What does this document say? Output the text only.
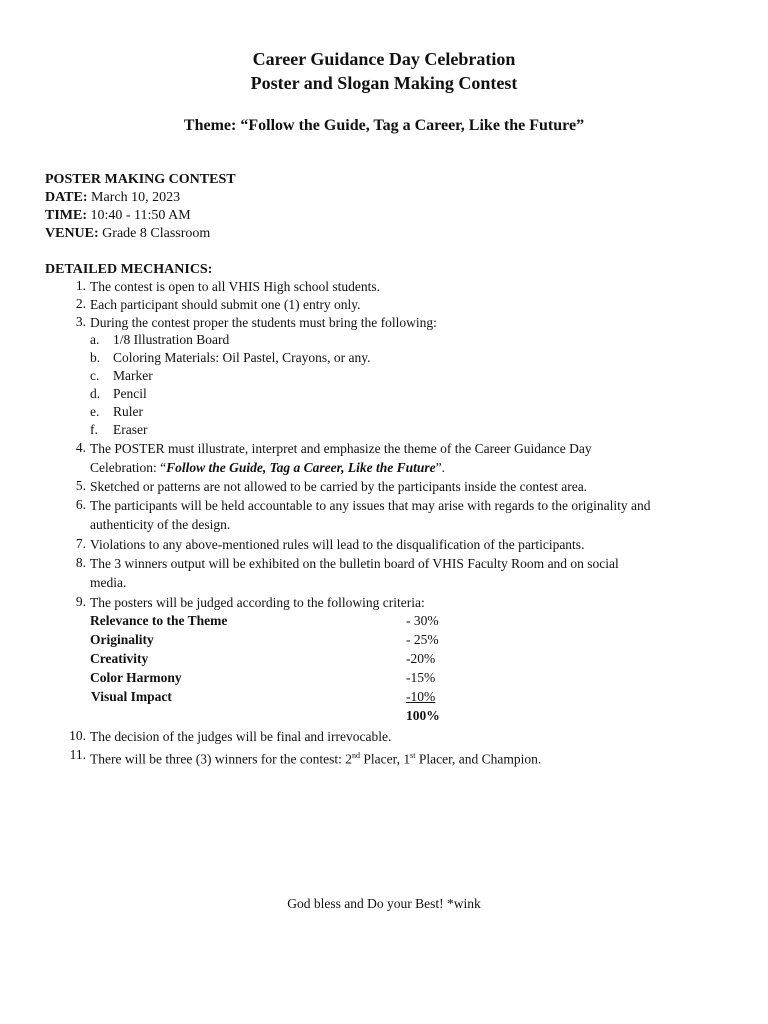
Career Guidance Day Celebration
Poster and Slogan Making Contest
Theme: “Follow the Guide, Tag a Career, Like the Future”
POSTER MAKING CONTEST
DATE: March 10, 2023
TIME: 10:40 - 11:50 AM
VENUE: Grade 8 Classroom
DETAILED MECHANICS:
1. The contest is open to all VHIS High school students.
2. Each participant should submit one (1) entry only.
3. During the contest proper the students must bring the following:
a. 1/8 Illustration Board
b. Coloring Materials: Oil Pastel, Crayons, or any.
c. Marker
d. Pencil
e. Ruler
f. Eraser
4. The POSTER must illustrate, interpret and emphasize the theme of the Career Guidance Day
Celebration: “Follow the Guide, Tag a Career, Like the Future”.
5. Sketched or patterns are not allowed to be carried by the participants inside the contest area.
6. The participants will be held accountable to any issues that may arise with regards to the originality and
authenticity of the design.
7. Violations to any above-mentioned rules will lead to the disqualification of the participants.
8. The 3 winners output will be exhibited on the bulletin board of VHIS Faculty Room and on social
media.
9. The posters will be judged according to the following criteria:
Relevance to the Theme	- 30%
Originality	- 25%
Creativity	-20%
Color Harmony	-15%
Visual Impact	-10%
100%
10. The decision of the judges will be final and irrevocable.
11. There will be three (3) winners for the contest: 2nd Placer, 1st Placer, and Champion.
God bless and Do your Best! *wink
